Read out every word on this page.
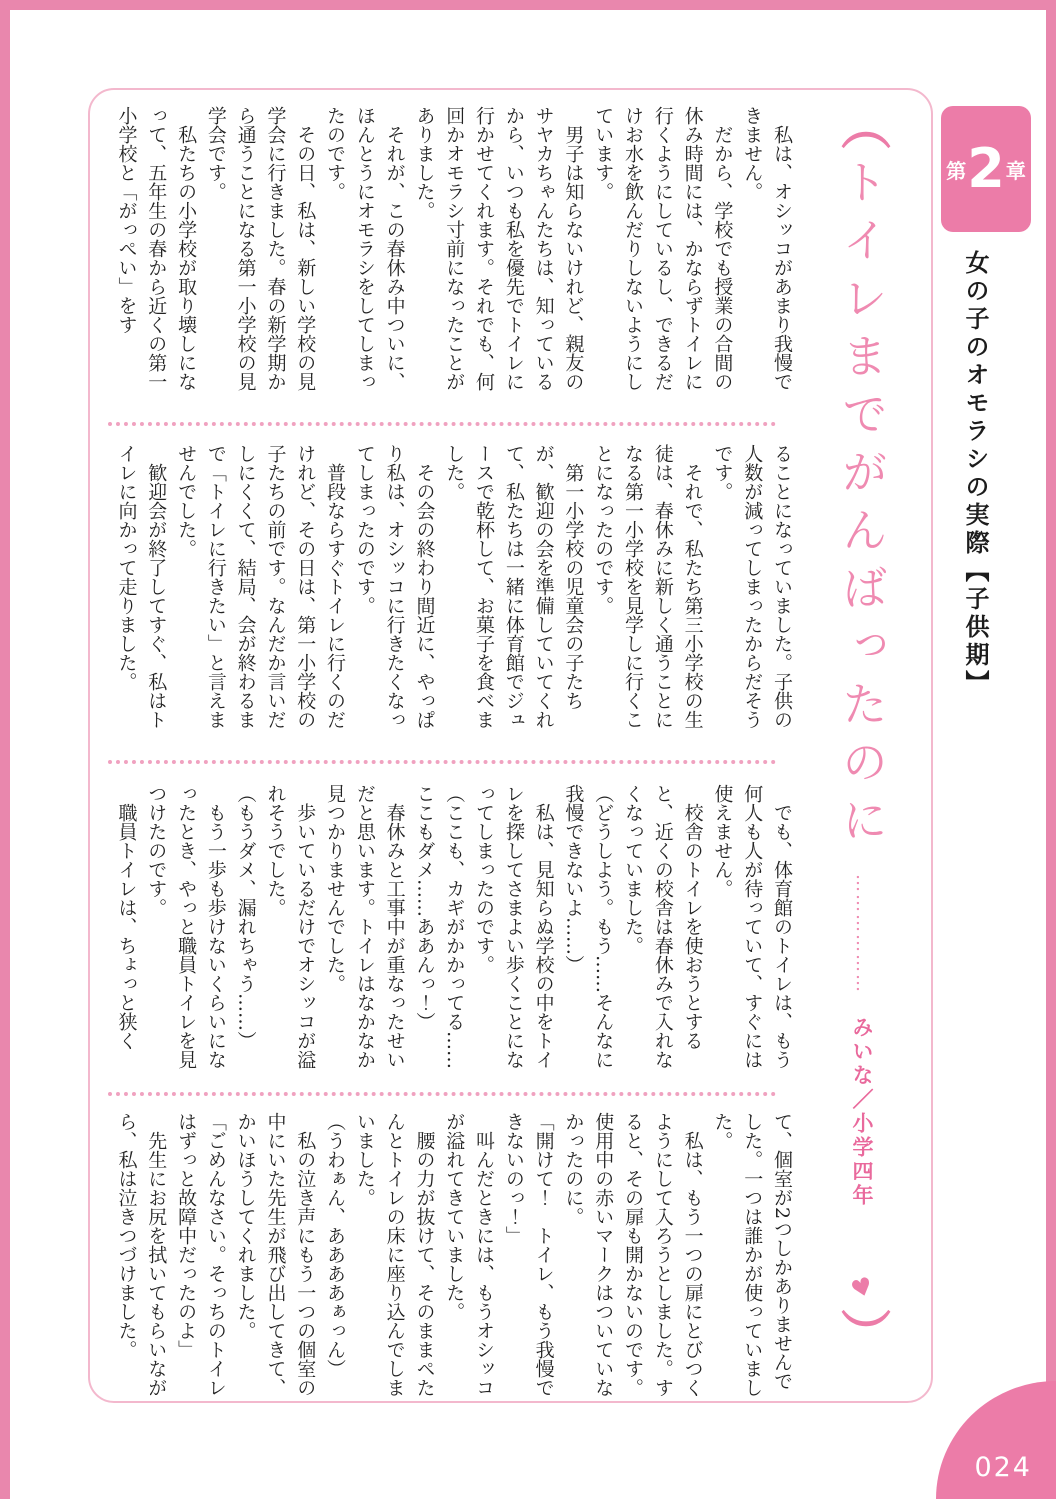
第 2 章
女の子のオモラシの実際【子供期】

私は、オシッコがあまり我慢できません。

だから、学校でも授業の合間の休み時間には、かならずトイレに行くようにしているし、できるだけお水を飲んだりしないようにしています。

男子は知らないけれど、親友のサヤカちゃんたちは、知っているから、いつも私を優先でトイレに行かせてくれます。それでも、何回かオモラシ寸前になったことがありました。

それが、この春休み中ついに、ほんとうにオモラシをしてしまったのです。

その日、私は、新しい学校の見学会に行きました。春の新学期から通うことになる第一小学校の見学会です。

私たちの小学校が取り壊しになって、五年生の春から近くの第一小学校と「がっぺい」をす

ることになっていました。子供の人数が減ってしまったからだそうです。

それで、私たち第三小学校の生徒は、春休みに新しく通うことになる第一小学校を見学しに行くことになったのです。

第一小学校の児童会の子たちが、歓迎の会を準備していてくれて、私たちは一緒に体育館でジュースで乾杯して、お菓子を食べました。

その会の終わり間近に、やっぱり私は、オシッコに行きたくなってしまったのです。

普段ならすぐトイレに行くのだけれど、その日は、第一小学校の子たちの前です。なんだか言いだしにくくて、結局、会が終わるまで「トイレに行きたい」と言えませんでした。

歓迎会が終了してすぐ、私はトイレに向かって走りました。

でも、体育館のトイレは、もう何人も人が待っていて、すぐには使えません。

校舎のトイレを使おうとすると、近くの校舎は春休みで入れなくなっていました。

（どうしよう。もう……そんなに我慢できないよ……）

私は、見知らぬ学校の中をトイレを探してさまよい歩くことになってしまったのです。

（ここも、カギがかかってる……ここもダメ……ああんっ！）

春休みと工事中が重なったせいだと思います。トイレはなかなか見つかりませんでした。

歩いているだけでオシッコが溢れそうでした。

（もうダメ、漏れちゃう……）

もう一歩も歩けないくらいになったとき、やっと職員トイレを見つけたのです。

職員トイレは、ちょっと狭く

て、個室が2つしかありませんでした。一つは誰かが使っていました。

私は、もう一つの扉にとびつくようにして入ろうとしました。すると、その扉も開かないのです。使用中の赤いマークはついていなかったのに。

「開けて！　トイレ、もう我慢できないのっ！」

叫んだときには、もうオシッコが溢れてきていました。

腰の力が抜けて、そのままペたんとトイレの床に座り込んでしまいました。

（うわぁん、ああああぁっん）

私の泣き声にもう一つの個室の中にいた先生が飛び出してきて、かいほうしてくれました。

「ごめんなさい。そっちのトイレはずっと故障中だったのよ」

先生にお尻を拭いてもらいながら、私は泣きつづけました。

（トイレまでがんばったのに………………みいな／小学四年♥）
024
